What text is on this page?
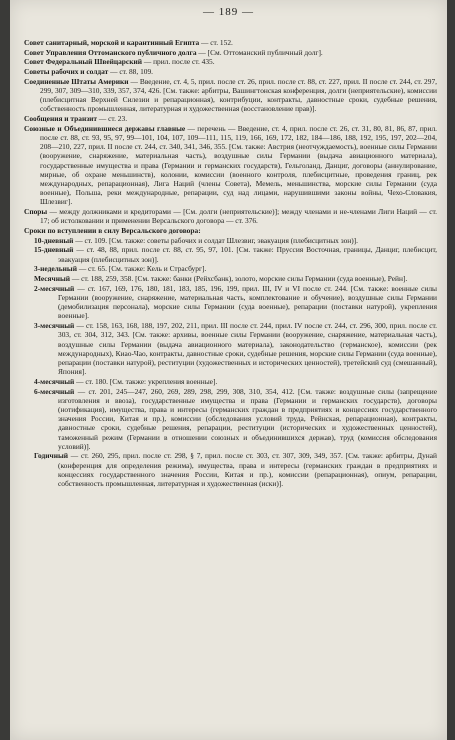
— 189 —

Совет санитарный, морской и карантинный Египта — ст. 152.

Совет Управления Оттоманского публичного долга — [См. Оттоманский публичный долг].

Совет Федеральный Швейцарский — прил. после ст. 435.

Советы рабочих и солдат — ст. 88, 109.

Соединенные Штаты Америки — Введение, ст. 4, 5, прил. после ст. 26, прил. после ст. 88, ст. 227, прил. II после ст. 244, ст. 297, 299, 307, 309—310, 339, 357, 374, 426. [См. также: арбитры, Вашингтонская конференция, долги (неприятельские), комиссии (плебисцитная Верхней Силезии и репарационная), контрибуции, контракты, давностные сроки, судебные решения, собственность промышленная, литературная и художественная (восстановление прав)].

Сообщения и транзит — ст. 23.

Союзные и Объединившиеся державы главные — перечень — Введение, ст. 4, прил. после ст. 26, ст. 31, 80, 81, 86, 87, прил. после ст. 88, ст. 93, 95, 97, 99—101, 104, 107, 109—111, 115, 119, 166, 169, 172, 182, 184—186, 188, 192, 195, 197, 202—204, 208—210, 227, прил. II после ст. 244, ст. 340, 341, 346, 355. [См. также: Австрия (неотчуждаемость), военные силы Германии (вооружение, снаряжение, материальная часть), воздушные силы Германии (выдача авиационного материала), государственные имущества и права (Германии и германских государств), Гельголанд, Данциг, договоры (аннулирование, мирные, об охране меньшинств), колонии, комиссии (военного контроля, плебисцитные, проведения границ, рек международных, репарационная), Лига Наций (члены Совета), Мемель, меньшинства, морские силы Германии (суда военные), Польша, реки международные, репарации, суд над лицами, нарушившими законы войны, Чехо-Словакия, Шлезвиг].

Споры — между должниками и кредиторами — [См. долги (неприятельские)]; между членами и не-членами Лиги Наций — ст. 17; об истолковании и применении Версальского договора — ст. 376.

Сроки по вступлении в силу Версальского договора:

10-дневный — ст. 109. [См. также: советы рабочих и солдат Шлезвиг, эвакуация (плебисцитных зон)].

15-дневный — ст. 48, 88, прил. после ст. 88, ст. 95, 97, 101. [См. также: Пруссия Восточная, границы, Данциг, плебисцит, эвакуация (плебисцитных зон)].

3-недельный — ст. 65. [См. также: Кель и Страсбург].

Месячный — ст. 188, 259, 358. [См. также: банки (Рейхсбанк), золото, морские силы Германии (суда военные), Рейн].

2-месячный — ст. 167, 169, 176, 180, 181, 183, 185, 196, 199, прил. III, IV и VI после ст. 244. [См. также: военные силы Германии (вооружение, снаряжение, материальная часть, комплектование и обучение), воздушные силы Германии (демобилизация персонала), морские силы Германии (суда военные), репарации (поставки натурой), укрепления военные].

3-месячный — ст. 158, 163, 168, 188, 197, 202, 211, прил. III после ст. 244, прил. IV после ст. 244, ст. 296, 300, прил. после ст. 303, ст. 304, 312, 343. [См. также: архивы, военные силы Германии (вооружение, снаряжение, материальная часть), воздушные силы Германии (выдача авиационного материала), законодательство (германское), комиссии (рек международных), Киао-Чао, контракты, давностные сроки, судебные решения, морские силы Германии (суда военные), репарации (поставки натурой), реституции (художественных и исторических ценностей), третейский суд (смешанный), Япония].

4-месячный — ст. 180. [См. также: укрепления военные].

6-месячный — ст. 201, 245—247, 260, 269, 289, 298, 299, 308, 310, 354, 412. [См. также: воздушные силы (запрещение изготовления и ввоза), государственные имущества и права (Германии и германских государств), договоры (нотификация), имущества, права и интересы (германских граждан в предприятиях и концессиях государственного значения России, Китая и пр.), комиссии (обследования условий труда, Рейнская, репарационная), контракты, давностные сроки, судебные решения, репарации, реституции (исторических и художественных ценностей), таможенный режим (Германии в отношении союзных и объединившихся держав), труд (комиссия обследования условий)].

Годичный — ст. 260, 295, прил. после ст. 298, § 7, прил. после ст. 303, ст. 307, 309, 349, 357. [См. также: арбитры, Дунай (конференция для определения режима), имущества, права и интересы (германских граждан в предприятиях и концессиях государственного значения России, Китая и пр.), комиссии (репарационная), опиум, репарации, собственность промышленная, литературная и художественная (иски)].
